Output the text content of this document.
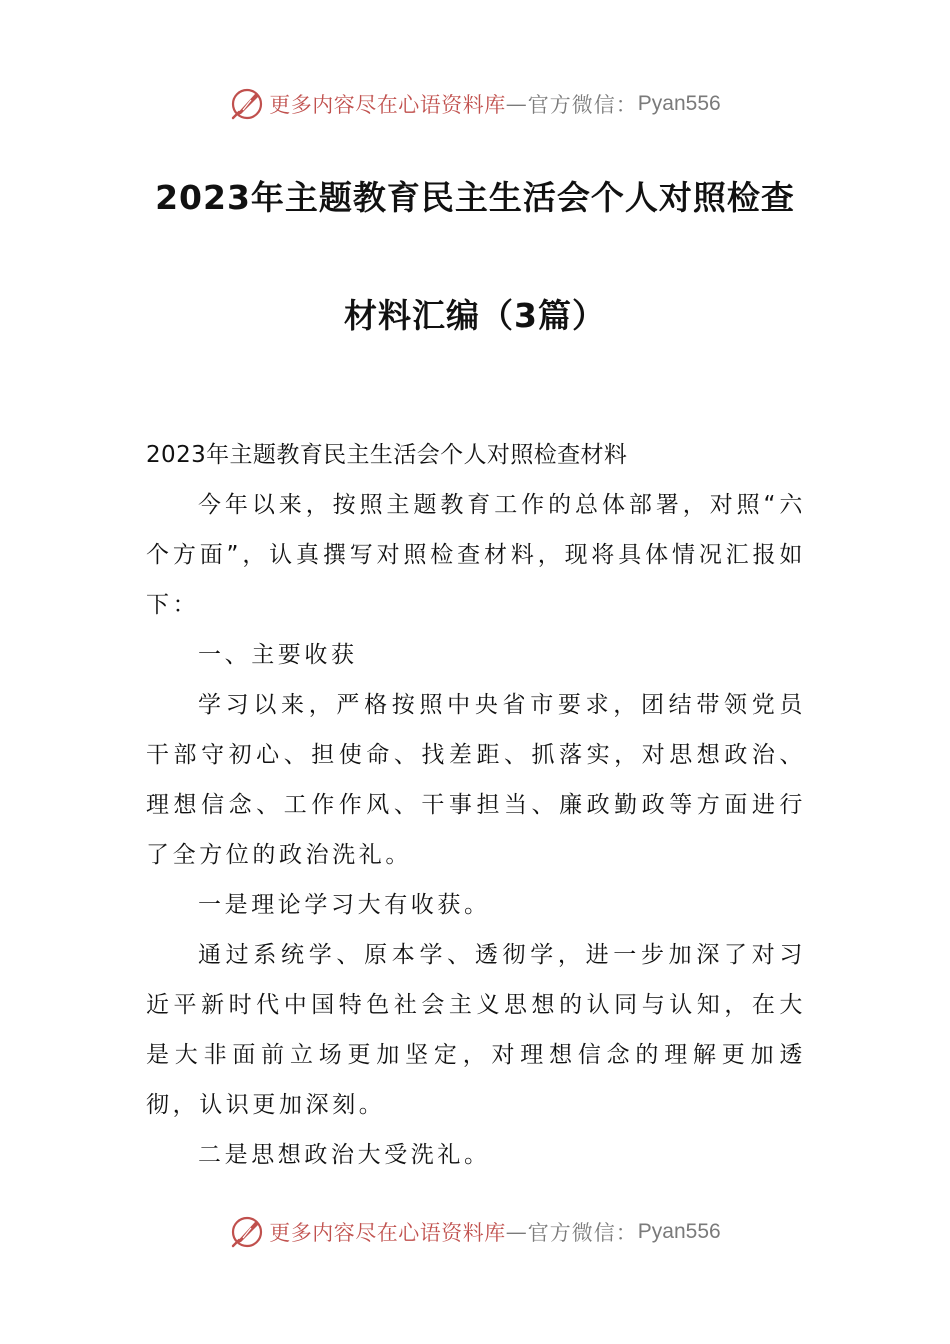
更多内容尽在心语资料库 — 官方微信： Pyan556
2023年主题教育民主生活会个人对照检查
材料汇编（3篇）
2023年主题教育民主生活会个人对照检查材料
今年以来，按照主题教育工作的总体部署，对照“六个方面”，认真撰写对照检查材料，现将具体情况汇报如下：
一、主要收获
学习以来，严格按照中央省市要求，团结带领党员干部守初心、担使命、找差距、抓落实，对思想政治、理想信念、工作作风、干事担当、廉政勤政等方面进行了全方位的政治洗礼。
一是理论学习大有收获。
通过系统学、原本学、透彻学，进一步加深了对习近平新时代中国特色社会主义思想的认同与认知，在大是大非面前立场更加坚定，对理想信念的理解更加透彻，认识更加深刻。
二是思想政治大受洗礼。
更多内容尽在心语资料库 — 官方微信： Pyan556
